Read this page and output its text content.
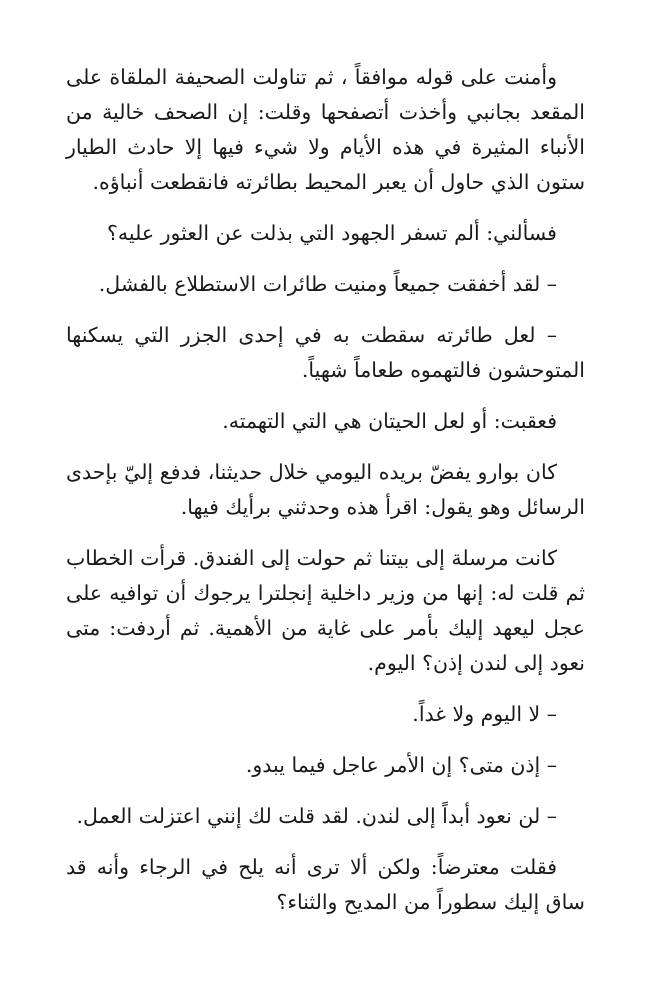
وأمنت على قوله موافقاً ، ثم تناولت الصحيفة الملقاة على المقعد بجانبي وأخذت أتصفحها وقلت: إن الصحف خالية من الأنباء المثيرة في هذه الأيام ولا شيء فيها إلا حادث الطيار ستون الذي حاول أن يعبر المحيط بطائرته فانقطعت أنباؤه.

فسألني: ألم تسفر الجهود التي بذلت عن العثور عليه؟

– لقد أخفقت جميعاً ومنيت طائرات الاستطلاع بالفشل.

– لعل طائرته سقطت به في إحدى الجزر التي يسكنها المتوحشون فالتهموه طعاماً شهياً.

فعقبت: أو لعل الحيتان هي التي التهمته.

كان بوارو يفضّ بريده اليومي خلال حديثنا، فدفع إليّ بإحدى الرسائل وهو يقول: اقرأ هذه وحدثني برأيك فيها.

كانت مرسلة إلى بيتنا ثم حولت إلى الفندق. قرأت الخطاب ثم قلت له: إنها من وزير داخلية إنجلترا يرجوك أن توافيه على عجل ليعهد إليك بأمر على غاية من الأهمية. ثم أردفت: متى نعود إلى لندن إذن؟ اليوم.

– لا اليوم ولا غداً.

– إذن متى؟ إن الأمر عاجل فيما يبدو.

– لن نعود أبداً إلى لندن. لقد قلت لك إنني اعتزلت العمل.

فقلت معترضاً: ولكن ألا ترى أنه يلح في الرجاء وأنه قد ساق إليك سطوراً من المديح والثناء؟
